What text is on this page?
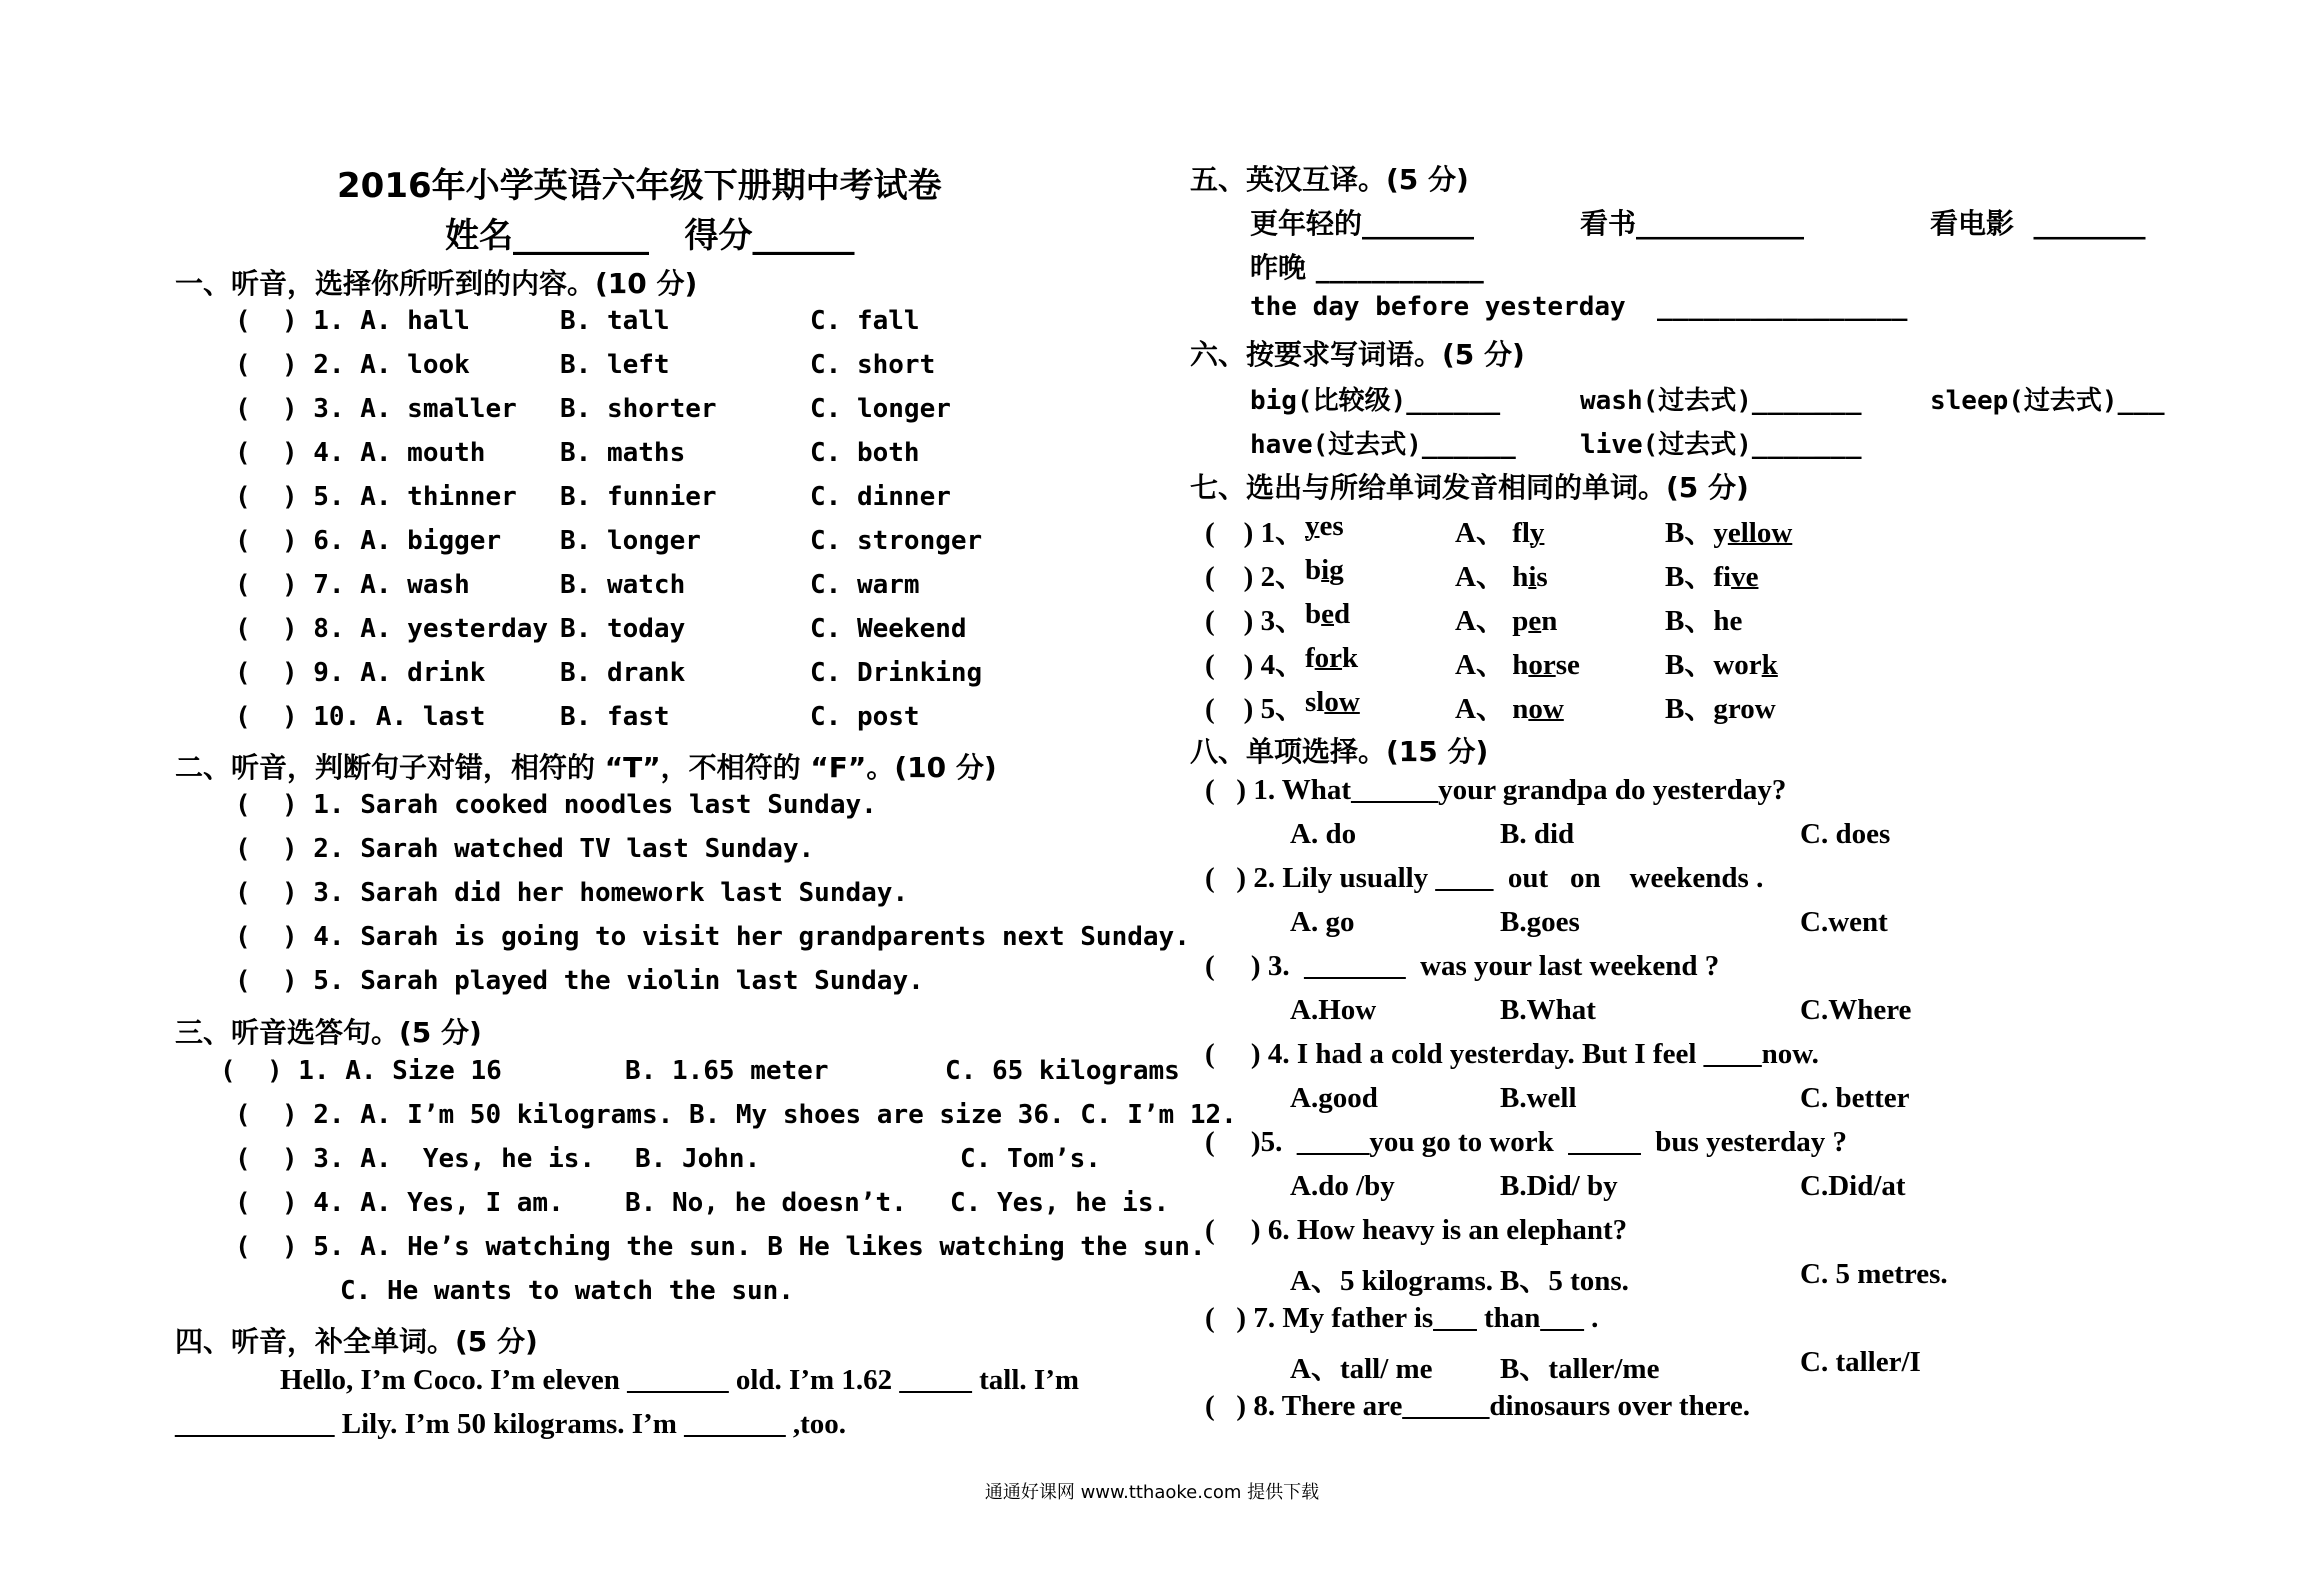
2016年小学英语六年级下册期中考试卷
姓名________   得分______
一、听音，选择你所听到的内容。(10 分)
(  ) 1. A. hall	B. tall	C. fall
(  ) 2. A. look	B. left	C. short
(  ) 3. A. smaller B. shorter	C. longer
(  ) 4. A. mouth	B. maths	C. both
(  ) 5. A. thinner B. funnier	C. dinner
(  ) 6. A. bigger B. longer	C. stronger
(  ) 7. A. wash	B. watch	C. warm
(  ) 8. A. yesterday B. today	C. Weekend
(  ) 9. A. drink	B. drank	C. Drinking
(  ) 10. A. last	B. fast	C. post
二、听音，判断句子对错，相符的 “T”，不相符的 “F”。(10 分)
(  ) 1. Sarah cooked noodles last Sunday.
(  ) 2. Sarah watched TV last Sunday.
(  ) 3. Sarah did her homework last Sunday.
(  ) 4. Sarah is going to visit her grandparents next Sunday.
(  ) 5. Sarah played the violin last Sunday.
三、听音选答句。(5 分)
(  ) 1. A. Size 16	B. 1.65 meter	C. 65 kilograms
(  ) 2. A. I’m 50 kilograms. B. My shoes are size 36. C. I’m 12.
(  ) 3. A.  Yes, he is. B. John.	C. Tom’s.
(  ) 4. A. Yes, I am. B. No, he doesn’t. C. Yes, he is.
(  ) 5. A. He’s watching the sun. B He likes watching the sun.
C. He wants to watch the sun.
四、听音，补全单词。(5 分)
Hello, I’m Coco. I’m eleven _______ old. I’m 1.62 _____ tall. I’m
___________ Lily. I’m 50 kilograms. I’m _______ ,too.
五、英汉互译。(5 分)
更年轻的________	看书____________	看电影  ________
昨晚 ____________
the day before yesterday  ________________
六、按要求写词语。(5 分)
big(比较级)______	wash(过去式)_______	sleep(过去式)___
have(过去式)______ live(过去式)_______
七、选出与所给单词发音相同的单词。(5 分)
(    ) 1、 yes	A、 fly	B、yellow
(    ) 2、 big	A、 his	B、five
(    ) 3、 bed	A、 pen	B、he
(    ) 4、 fork	A、 horse	B、work
(    ) 5、 slow	A、 now	B、grow
八、单项选择。(15 分)
(   ) 1. What______your grandpa do yesterday?
A. do	B. did	C. does
(   ) 2. Lily usually ____  out   on    weekends .
A. go	B.goes	C.went
(     ) 3.  _______  was your last weekend ?
A.How	B.What	C.Where
(     ) 4. I had a cold yesterday. But I feel ____now.
A.good	B.well	C. better
(     )5.  _____you go to work  _____  bus yesterday ?
A.do /by	B.Did/ by	C.Did/at
(     ) 6. How heavy is an elephant?
A、5 kilograms. B、5 tons.	C. 5 metres.
(   ) 7. My father is___ than___ .
A、tall/ me B、taller/me	C. taller/I
(   ) 8. There are______dinosaurs over there.
通通好课网 www.tthaoke.com 提供下载
